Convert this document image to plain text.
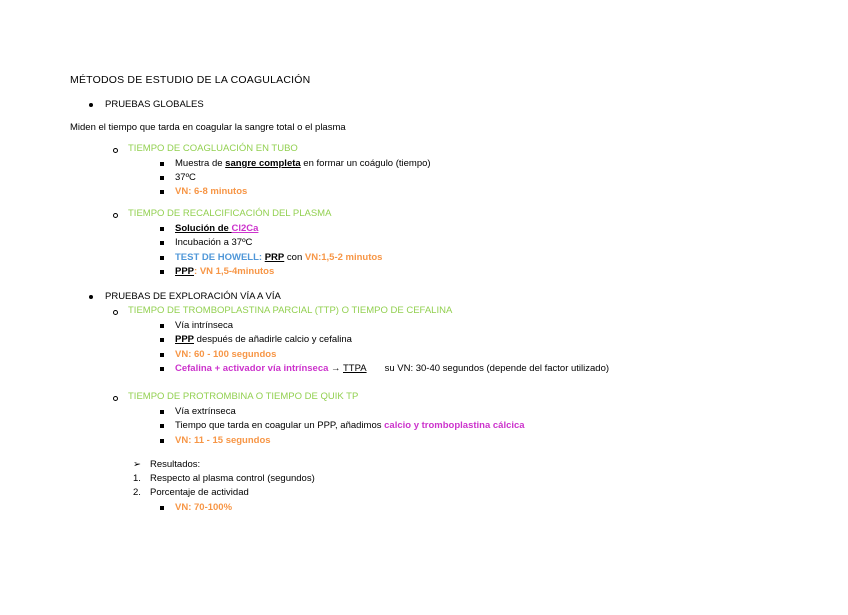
MÉTODOS DE ESTUDIO DE LA COAGULACIÓN
PRUEBAS GLOBALES
Miden el tiempo que tarda en coagular la sangre total o el plasma
TIEMPO DE COAGLUACIÓN EN TUBO
Muestra de sangre completa en formar un coágulo (tiempo)
37ºC
VN: 6-8 minutos
TIEMPO DE RECALCIFICACIÓN DEL PLASMA
Solución de Cl2Ca
Incubación a 37ºC
TEST DE HOWELL: PRP con VN:1,5-2 minutos
PPP: VN 1,5-4minutos
PRUEBAS DE EXPLORACIÓN VÍA A VÍA
TIEMPO DE TROMBOPLASTINA PARCIAL (TTP) O TIEMPO DE CEFALINA
Vía intrínseca
PPP después de añadirle calcio y cefalina
VN: 60 - 100 segundos
Cefalina + activador vía intrínseca → TTPA su VN: 30-40 segundos (depende del factor utilizado)
TIEMPO DE PROTROMBINA O TIEMPO DE QUIK TP
Vía extrínseca
Tiempo que tarda en coagular un PPP, añadimos calcio y tromboplastina cálcica
VN: 11 - 15 segundos
➢ Resultados:
1. Respecto al plasma control (segundos)
2. Porcentaje de actividad
VN: 70-100%
